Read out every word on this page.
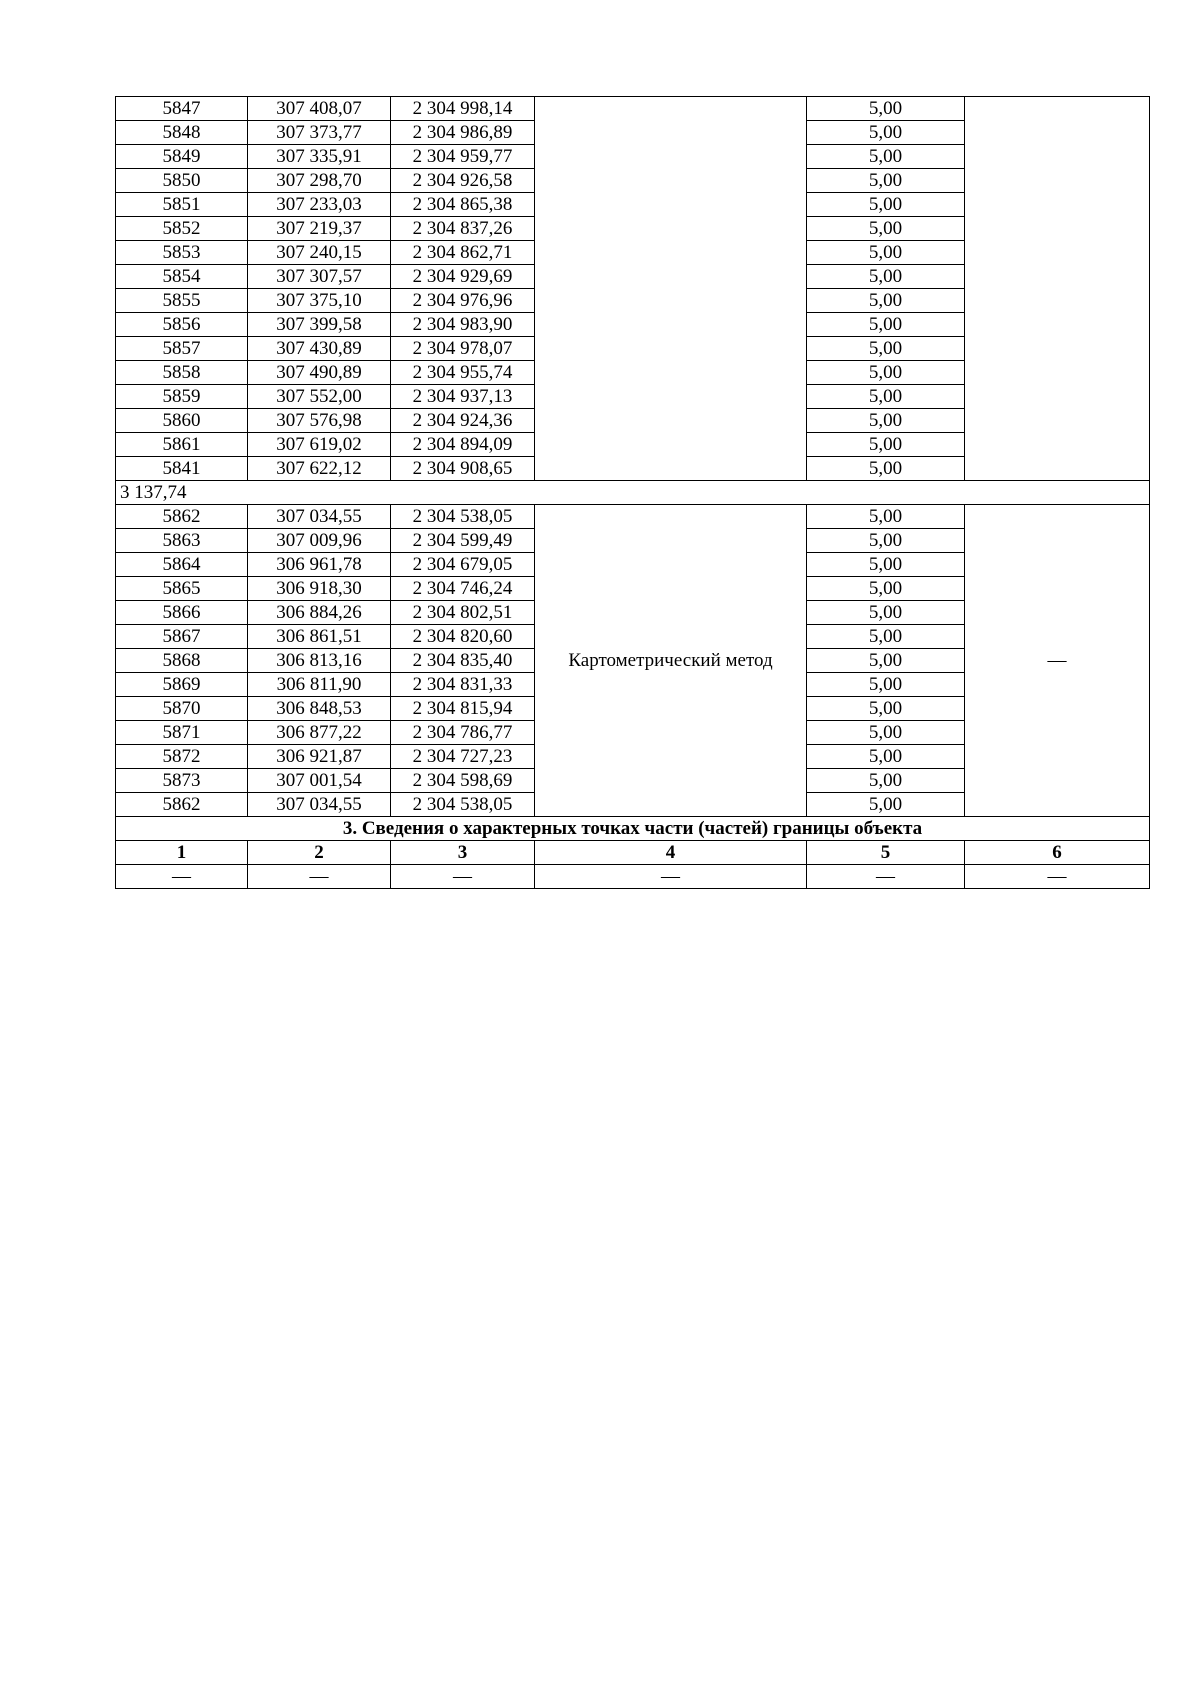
5847	307 408,07	2 304 998,14		5,00	
5848	307 373,77	2 304 986,89		5,00	
5849	307 335,91	2 304 959,77		5,00	
5850	307 298,70	2 304 926,58		5,00	
5851	307 233,03	2 304 865,38		5,00	
5852	307 219,37	2 304 837,26		5,00	
5853	307 240,15	2 304 862,71		5,00	
5854	307 307,57	2 304 929,69		5,00	
5855	307 375,10	2 304 976,96		5,00	
5856	307 399,58	2 304 983,90		5,00	
5857	307 430,89	2 304 978,07		5,00	
5858	307 490,89	2 304 955,74		5,00	
5859	307 552,00	2 304 937,13		5,00	
5860	307 576,98	2 304 924,36		5,00	
5861	307 619,02	2 304 894,09		5,00	
5841	307 622,12	2 304 908,65		5,00	
3 137,74					
5862	307 034,55	2 304 538,05	Картометрический метод	5,00	—
5863	307 009,96	2 304 599,49		5,00	
5864	306 961,78	2 304 679,05		5,00	
5865	306 918,30	2 304 746,24		5,00	
5866	306 884,26	2 304 802,51		5,00	
5867	306 861,51	2 304 820,60		5,00	
5868	306 813,16	2 304 835,40		5,00	
5869	306 811,90	2 304 831,33		5,00	
5870	306 848,53	2 304 815,94		5,00	
5871	306 877,22	2 304 786,77		5,00	
5872	306 921,87	2 304 727,23		5,00	
5873	307 001,54	2 304 598,69		5,00	
5862	307 034,55	2 304 538,05		5,00	
3. Сведения о характерных точках части (частей) границы объекта					
1	2	3	4	5	6
—	—	—	—	—	—
